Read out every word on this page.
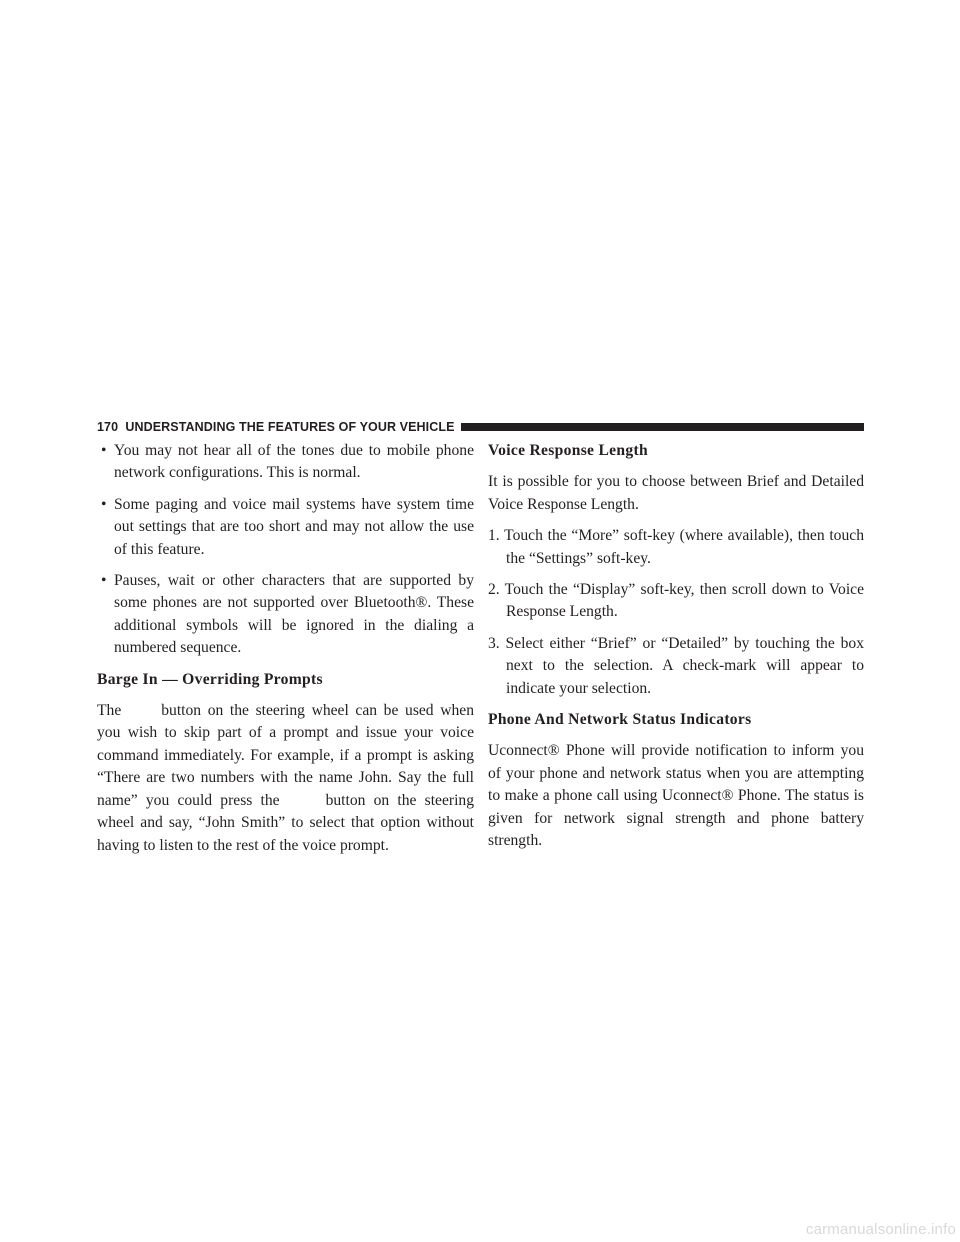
170 UNDERSTANDING THE FEATURES OF YOUR VEHICLE
• You may not hear all of the tones due to mobile phone network configurations. This is normal.
• Some paging and voice mail systems have system time out settings that are too short and may not allow the use of this feature.
• Pauses, wait or other characters that are supported by some phones are not supported over Bluetooth®. These additional symbols will be ignored in the dialing a numbered sequence.
Barge In — Overriding Prompts

The	button on the steering wheel can be used when you wish to skip part of a prompt and issue your voice command immediately. For example, if a prompt is asking “There are two numbers with the name John. Say the full name” you could press the	button on the steering wheel and say, “John Smith” to select that option without having to listen to the rest of the voice prompt.

Voice Response Length

It is possible for you to choose between Brief and Detailed Voice Response Length.

1. Touch the “More” soft-key (where available), then touch the “Settings” soft-key.

2. Touch the “Display” soft-key, then scroll down to Voice Response Length.

3. Select either “Brief” or “Detailed” by touching the box next to the selection. A check-mark will appear to indicate your selection.

Phone And Network Status Indicators

Uconnect® Phone will provide notification to inform you of your phone and network status when you are attempting to make a phone call using Uconnect® Phone. The status is given for network signal strength and phone battery strength.

carmanualsonline.info
